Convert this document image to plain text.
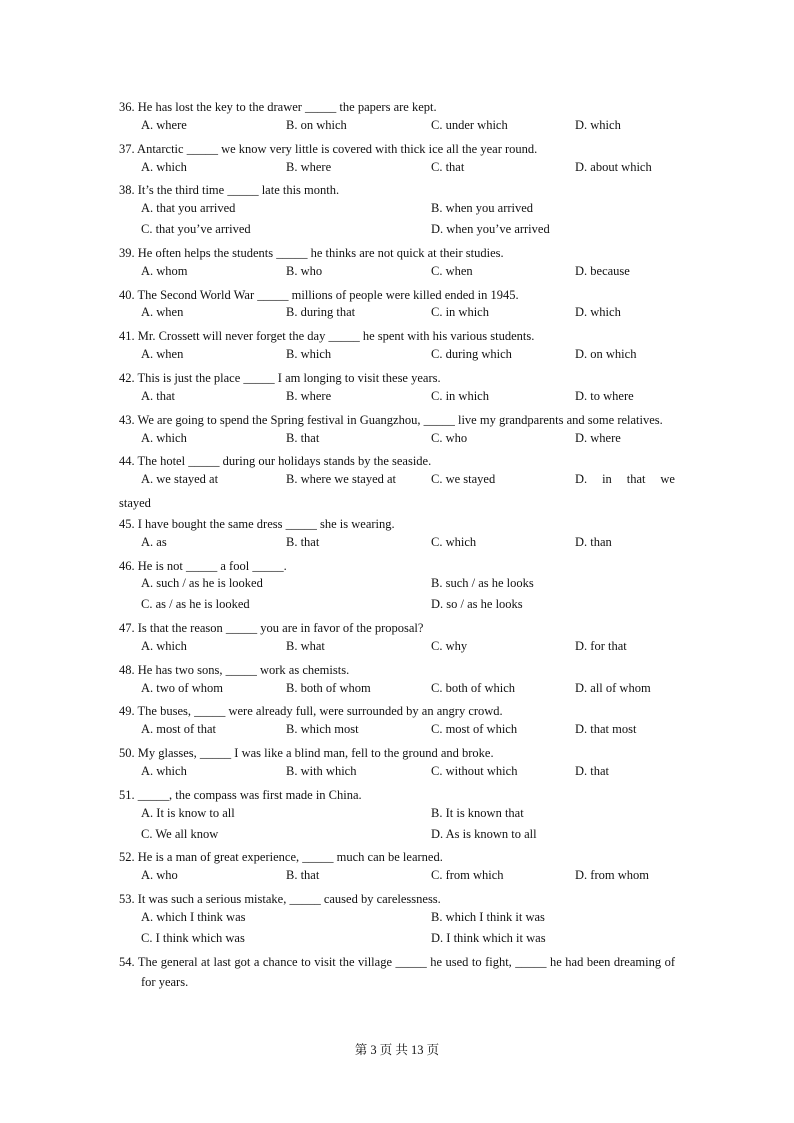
36. He has lost the key to the drawer _____ the papers are kept.
A. where	B. on which	C. under which	D. which
37. Antarctic _____ we know very little is covered with thick ice all the year round.
A. which	B. where	C. that	D. about which
38. It’s the third time _____ late this month.
A. that you arrived	B. when you arrived
C. that you’ve arrived	D. when you’ve arrived
39. He often helps the students _____ he thinks are not quick at their studies.
A. whom	B. who	C. when	D. because
40. The Second World War _____ millions of people were killed ended in 1945.
A. when	B. during that	C. in which	D. which
41. Mr. Crossett will never forget the day _____ he spent with his various students.
A. when	B. which	C. during which	D. on which
42. This is just the place _____ I am longing to visit these years.
A. that	B. where	C. in which	D. to where
43. We are going to spend the Spring festival in Guangzhou, _____ live my grandparents and some relatives.
A. which	B. that	C. who	D. where
44. The hotel _____ during our holidays stands by the seaside.
A. we stayed at	B. where we stayed at	C. we stayed	D. in that we
stayed
45. I have bought the same dress _____ she is wearing.
A. as	B. that	C. which	D. than
46. He is not _____ a fool _____.
A. such / as he is looked	B. such / as he looks
C. as / as he is looked	D. so / as he looks
47. Is that the reason _____ you are in favor of the proposal?
A. which	B. what	C. why	D. for that
48. He has two sons, _____ work as chemists.
A. two of whom	B. both of whom	C. both of which	D. all of whom
49. The buses, _____ were already full, were surrounded by an angry crowd.
A. most of that	B. which most	C. most of which	D. that most
50. My glasses, _____ I was like a blind man, fell to the ground and broke.
A. which	B. with which	C. without which	D. that
51. _____, the compass was first made in China.
A. It is know to all	B. It is known that
C. We all know	D. As is known to all
52. He is a man of great experience, _____ much can be learned.
A. who	B. that	C. from which	D. from whom
53. It was such a serious mistake, _____ caused by carelessness.
A. which I think was	B. which I think it was
C. I think which was	D. I think which it was
54. The general at last got a chance to visit the village _____ he used to fight, _____ he had been dreaming of for years.
第 3 页 共 13 页
